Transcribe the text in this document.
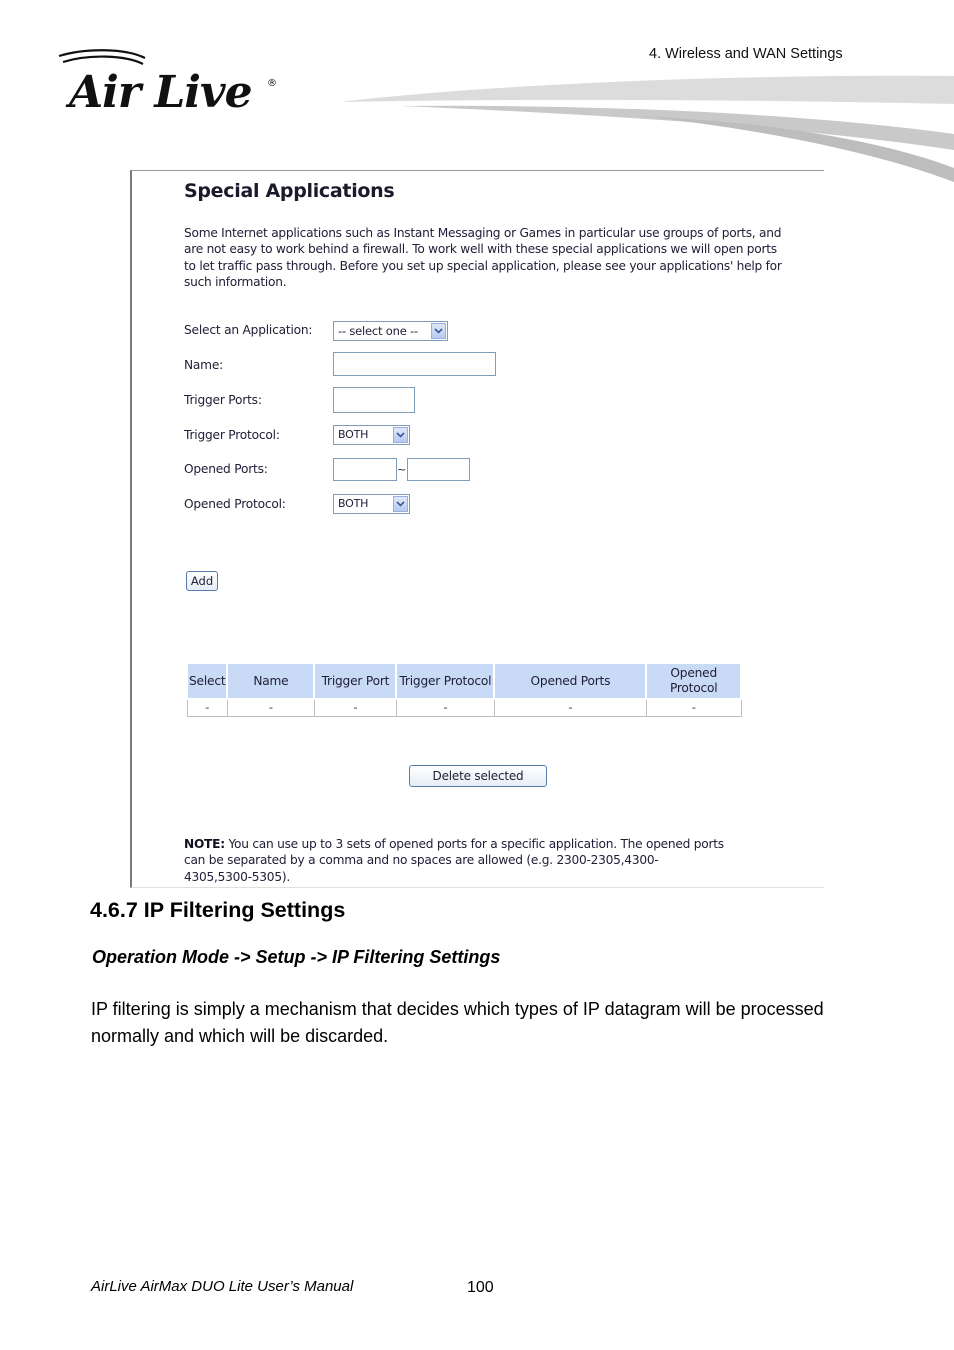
4. Wireless and WAN Settings
Air Live ®
Special Applications
Some Internet applications such as Instant Messaging or Games in particular use groups of ports, and are not easy to work behind a firewall. To work well with these special applications we will open ports to let traffic pass through. Before you set up special application, please see your applications' help for such information.
Select an Application: -- select one --
Name:
Trigger Ports:
Trigger Protocol:	BOTH
Opened Ports:	~
Opened Protocol:	BOTH
Add
Select	Name	Trigger Port	Trigger Protocol	Opened Ports	Opened Protocol
-	-	-	-	-	-
Delete selected
NOTE: You can use up to 3 sets of opened ports for a specific application. The opened ports can be separated by a comma and no spaces are allowed (e.g. 2300-2305,4300-4305,5300-5305).
4.6.7 IP Filtering Settings
Operation Mode -> Setup -> IP Filtering Settings
IP filtering is simply a mechanism that decides which types of IP datagram will be processed normally and which will be discarded.
AirLive AirMax DUO Lite User’s Manual	100
